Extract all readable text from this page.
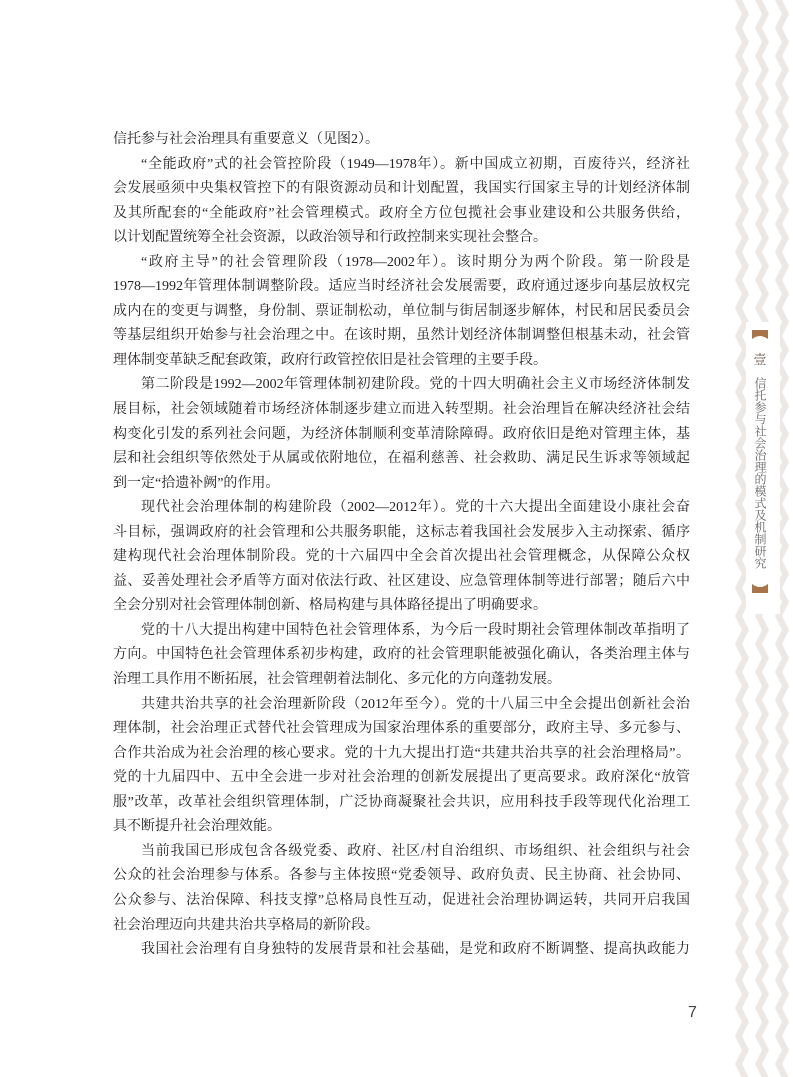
壹
信托参与社会治理的模式及机制研究
信托参与社会治理具有重要意义（见图2）。
“全能政府”式的社会管控阶段（1949—1978年）。新中国成立初期，百废待兴，经济社
会发展亟须中央集权管控下的有限资源动员和计划配置，我国实行国家主导的计划经济体制
及其所配套的“全能政府”社会管理模式。政府全方位包揽社会事业建设和公共服务供给，
以计划配置统筹全社会资源，以政治领导和行政控制来实现社会整合。
“政府主导”的社会管理阶段（1978—2002年）。该时期分为两个阶段。第一阶段是
1978—1992年管理体制调整阶段。适应当时经济社会发展需要，政府通过逐步向基层放权完
成内在的变更与调整，身份制、票证制松动，单位制与街居制逐步解体，村民和居民委员会
等基层组织开始参与社会治理之中。在该时期，虽然计划经济体制调整但根基未动，社会管
理体制变革缺乏配套政策，政府行政管控依旧是社会管理的主要手段。
第二阶段是1992—2002年管理体制初建阶段。党的十四大明确社会主义市场经济体制发
展目标，社会领域随着市场经济体制逐步建立而进入转型期。社会治理旨在解决经济社会结
构变化引发的系列社会问题，为经济体制顺利变革清除障碍。政府依旧是绝对管理主体，基
层和社会组织等依然处于从属或依附地位，在福利慈善、社会救助、满足民生诉求等领域起
到一定“拾遗补阙”的作用。
现代社会治理体制的构建阶段（2002—2012年）。党的十六大提出全面建设小康社会奋
斗目标，强调政府的社会管理和公共服务职能，这标志着我国社会发展步入主动探索、循序
建构现代社会治理体制阶段。党的十六届四中全会首次提出社会管理概念，从保障公众权
益、妥善处理社会矛盾等方面对依法行政、社区建设、应急管理体制等进行部署；随后六中
全会分别对社会管理体制创新、格局构建与具体路径提出了明确要求。
党的十八大提出构建中国特色社会管理体系，为今后一段时期社会管理体制改革指明了
方向。中国特色社会管理体系初步构建，政府的社会管理职能被强化确认，各类治理主体与
治理工具作用不断拓展，社会管理朝着法制化、多元化的方向蓬勃发展。
共建共治共享的社会治理新阶段（2012年至今）。党的十八届三中全会提出创新社会治
理体制，社会治理正式替代社会管理成为国家治理体系的重要部分，政府主导、多元参与、
合作共治成为社会治理的核心要求。党的十九大提出打造“共建共治共享的社会治理格局”。
党的十九届四中、五中全会进一步对社会治理的创新发展提出了更高要求。政府深化“放管
服”改革，改革社会组织管理体制，广泛协商凝聚社会共识，应用科技手段等现代化治理工
具不断提升社会治理效能。
当前我国已形成包含各级党委、政府、社区/村自治组织、市场组织、社会组织与社会
公众的社会治理参与体系。各参与主体按照“党委领导、政府负责、民主协商、社会协同、
公众参与、法治保障、科技支撑”总格局良性互动，促进社会治理协调运转，共同开启我国
社会治理迈向共建共治共享格局的新阶段。
我国社会治理有自身独特的发展背景和社会基础，是党和政府不断调整、提高执政能力
7
